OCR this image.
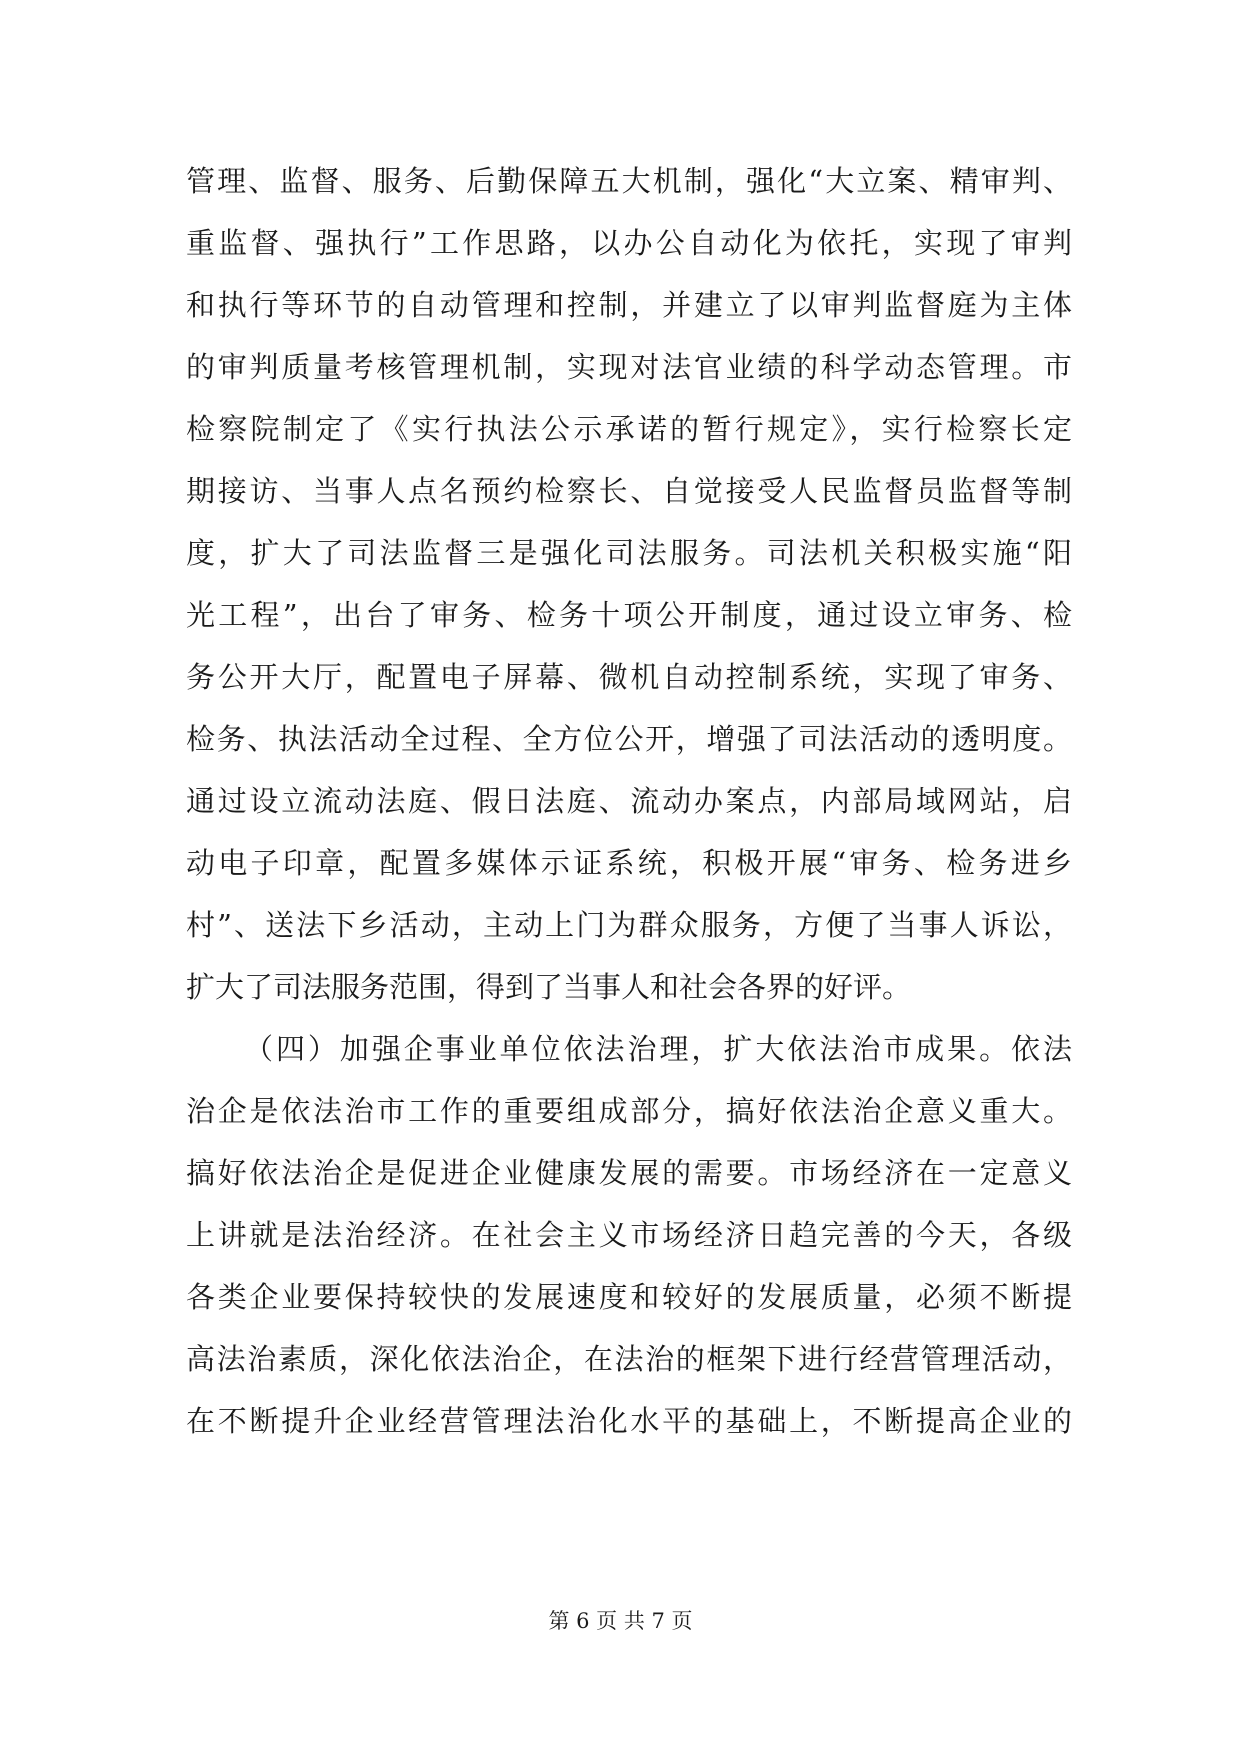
管理、监督、服务、后勤保障五大机制，强化“大立案、精审判、
重监督、强执行”工作思路，以办公自动化为依托，实现了审判
和执行等环节的自动管理和控制，并建立了以审判监督庭为主体
的审判质量考核管理机制，实现对法官业绩的科学动态管理。市
检察院制定了《实行执法公示承诺的暂行规定》，实行检察长定
期接访、当事人点名预约检察长、自觉接受人民监督员监督等制
度，扩大了司法监督三是强化司法服务。司法机关积极实施“阳
光工程”，出台了审务、检务十项公开制度，通过设立审务、检
务公开大厅，配置电子屏幕、微机自动控制系统，实现了审务、
检务、执法活动全过程、全方位公开，增强了司法活动的透明度。
通过设立流动法庭、假日法庭、流动办案点，内部局域网站，启
动电子印章，配置多媒体示证系统，积极开展“审务、检务进乡
村”、送法下乡活动，主动上门为群众服务，方便了当事人诉讼，
扩大了司法服务范围，得到了当事人和社会各界的好评。
（四）加强企事业单位依法治理，扩大依法治市成果。依法
治企是依法治市工作的重要组成部分，搞好依法治企意义重大。
搞好依法治企是促进企业健康发展的需要。市场经济在一定意义
上讲就是法治经济。在社会主义市场经济日趋完善的今天，各级
各类企业要保持较快的发展速度和较好的发展质量，必须不断提
高法治素质，深化依法治企，在法治的框架下进行经营管理活动，
在不断提升企业经营管理法治化水平的基础上，不断提高企业的
第 6 页 共 7 页
